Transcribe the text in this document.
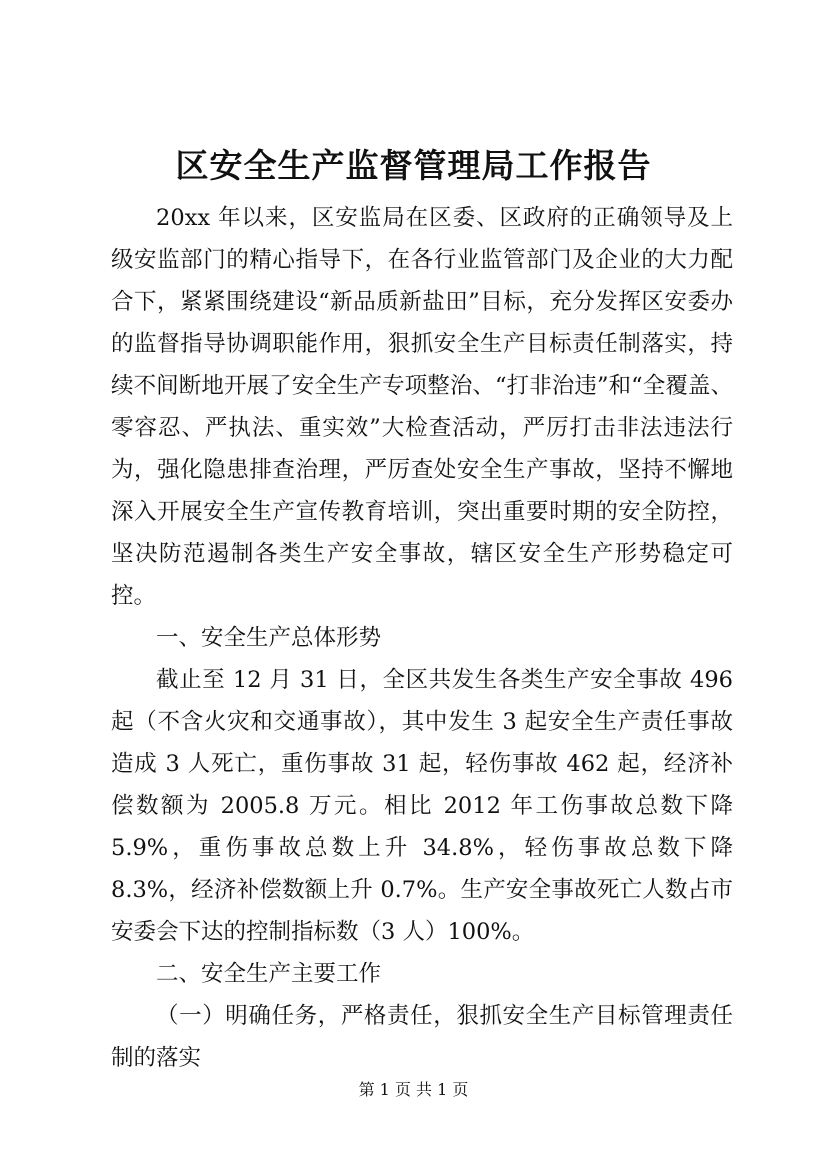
区安全生产监督管理局工作报告

20xx 年以来，区安监局在区委、区政府的正确领导及上级安监部门的精心指导下，在各行业监管部门及企业的大力配合下，紧紧围绕建设“新品质新盐田”目标，充分发挥区安委办的监督指导协调职能作用，狠抓安全生产目标责任制落实，持续不间断地开展了安全生产专项整治、“打非治违”和“全覆盖、零容忍、严执法、重实效”大检查活动，严厉打击非法违法行为，强化隐患排查治理，严厉查处安全生产事故，坚持不懈地深入开展安全生产宣传教育培训，突出重要时期的安全防控，坚决防范遏制各类生产安全事故，辖区安全生产形势稳定可控。

一、安全生产总体形势

截止至 12 月 31 日，全区共发生各类生产安全事故 496 起（不含火灾和交通事故），其中发生 3 起安全生产责任事故造成 3 人死亡，重伤事故 31 起，轻伤事故 462 起，经济补偿数额为 2005.8 万元。相比 2012 年工伤事故总数下降 5.9%，重伤事故总数上升 34.8%，轻伤事故总数下降 8.3%，经济补偿数额上升 0.7%。生产安全事故死亡人数占市安委会下达的控制指标数（3 人）100%。

二、安全生产主要工作

（一）明确任务，严格责任，狠抓安全生产目标管理责任制的落实

第 1 页 共 1 页
